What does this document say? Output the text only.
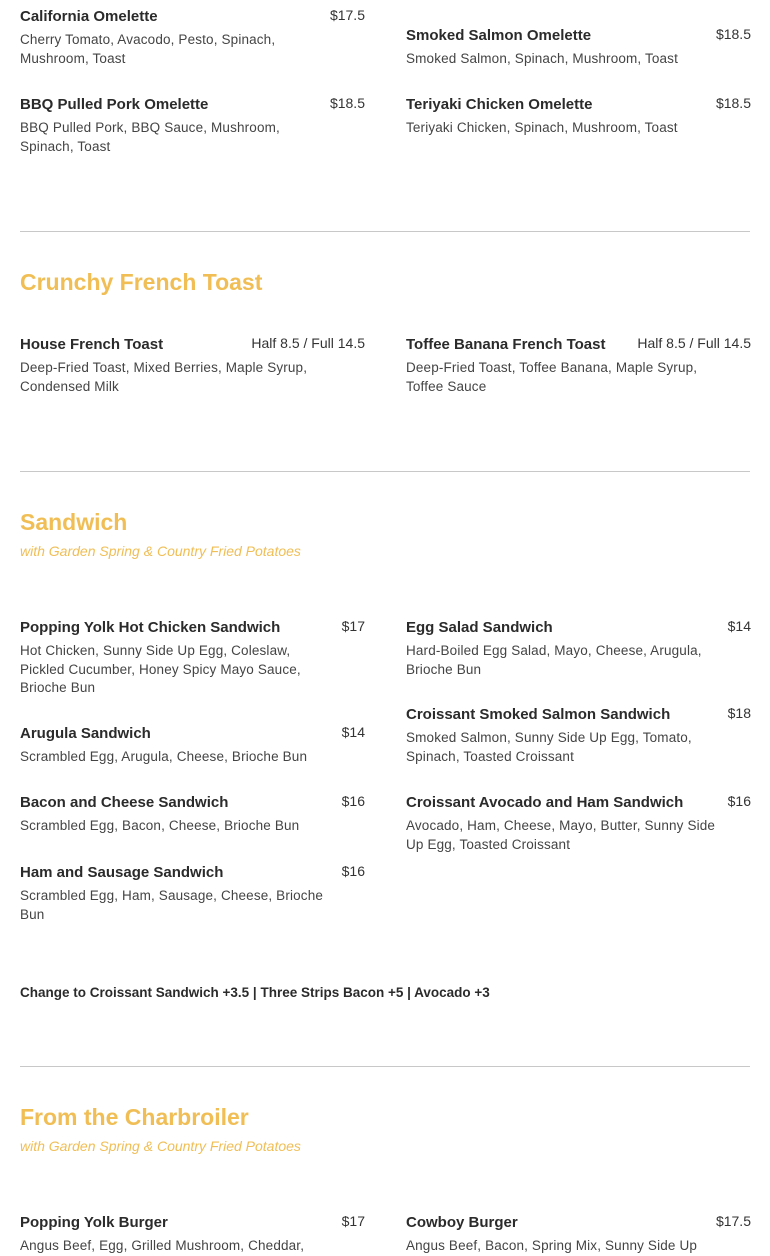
California Omelette	$17.5
Cherry Tomato, Avacodo, Pesto, Spinach, Mushroom, Toast
BBQ Pulled Pork Omelette	$18.5
BBQ Pulled Pork, BBQ Sauce, Mushroom, Spinach, Toast
Smoked Salmon Omelette	$18.5
Smoked Salmon, Spinach, Mushroom, Toast
Teriyaki Chicken Omelette	$18.5
Teriyaki Chicken, Spinach, Mushroom, Toast
Crunchy French Toast
House French Toast	Half 8.5 / Full 14.5
Deep-Fried Toast, Mixed Berries, Maple Syrup, Condensed Milk
Toffee Banana French Toast Half 8.5 / Full 14.5
Deep-Fried Toast, Toffee Banana, Maple Syrup, Toffee Sauce
Sandwich
with Garden Spring & Country Fried Potatoes
Popping Yolk Hot Chicken Sandwich	$17
Hot Chicken, Sunny Side Up Egg, Coleslaw, Pickled Cucumber, Honey Spicy Mayo Sauce, Brioche Bun
Arugula Sandwich	$14
Scrambled Egg, Arugula, Cheese, Brioche Bun
Bacon and Cheese Sandwich	$16
Scrambled Egg, Bacon, Cheese, Brioche Bun
Ham and Sausage Sandwich	$16
Scrambled Egg, Ham, Sausage, Cheese, Brioche Bun
Egg Salad Sandwich	$14
Hard-Boiled Egg Salad, Mayo, Cheese, Arugula, Brioche Bun
Croissant Smoked Salmon Sandwich	$18
Smoked Salmon, Sunny Side Up Egg, Tomato, Spinach, Toasted Croissant
Croissant Avocado and Ham Sandwich	$16
Avocado, Ham, Cheese, Mayo, Butter, Sunny Side Up Egg, Toasted Croissant
Change to Croissant Sandwich +3.5 | Three Strips Bacon +5 | Avocado +3
From the Charbroiler
with Garden Spring & Country Fried Potatoes
Popping Yolk Burger	$17
Angus Beef, Egg, Grilled Mushroom, Cheddar,
Cowboy Burger	$17.5
Angus Beef, Bacon, Spring Mix, Sunny Side Up
